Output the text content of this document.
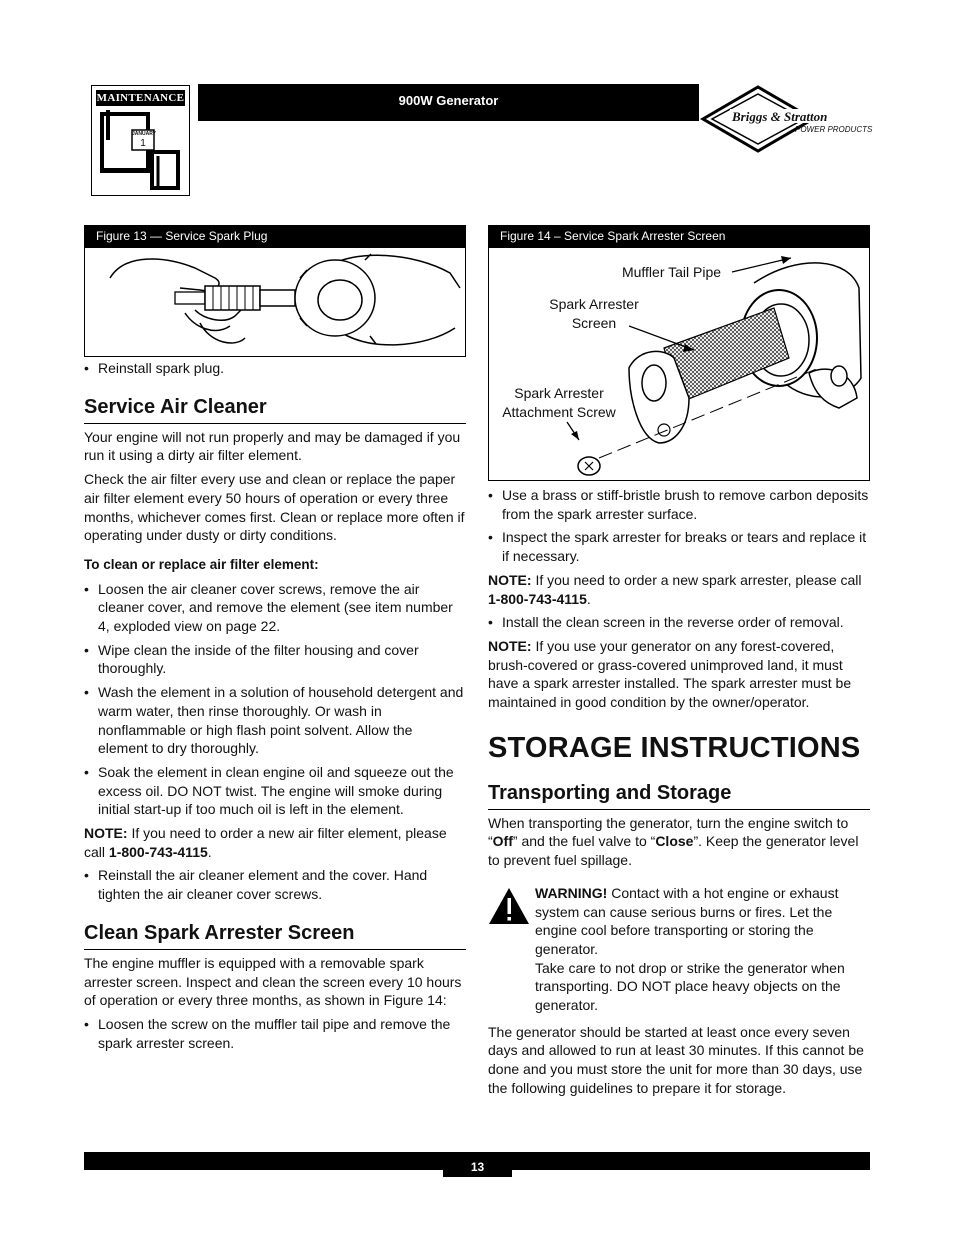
MAINTENANCE
JANUARY
1
900W Generator
Briggs & Stratton
POWER PRODUCTS
Figure 13 — Service Spark Plug	Figure 14 – Service Spark Arrester Screen
Muffler Tail Pipe
Spark Arrester
Screen
Spark Arrester
Attachment Screw

• Reinstall spark plug.

Service Air Cleaner

Your engine will not run properly and may be damaged if you run it using a dirty air filter element.

Check the air filter every use and clean or replace the paper air filter element every 50 hours of operation or every three months, whichever comes first. Clean or replace more often if operating under dusty or dirty conditions.

To clean or replace air filter element:

• Loosen the air cleaner cover screws, remove the air cleaner cover, and remove the element (see item number 4, exploded view on page 22.

• Wipe clean the inside of the filter housing and cover thoroughly.

• Wash the element in a solution of household detergent and warm water, then rinse thoroughly. Or wash in nonflammable or high flash point solvent. Allow the element to dry thoroughly.

• Soak the element in clean engine oil and squeeze out the excess oil. DO NOT twist. The engine will smoke during initial start-up if too much oil is left in the element.

NOTE: If you need to order a new air filter element, please call 1-800-743-4115.

• Reinstall the air cleaner element and the cover. Hand tighten the air cleaner cover screws.

Clean Spark Arrester Screen

The engine muffler is equipped with a removable spark arrester screen. Inspect and clean the screen every 10 hours of operation or every three months, as shown in Figure 14:

• Loosen the screw on the muffler tail pipe and remove the spark arrester screen.

• Use a brass or stiff-bristle brush to remove carbon deposits from the spark arrester surface.

• Inspect the spark arrester for breaks or tears and replace it if necessary.

NOTE: If you need to order a new spark arrester, please call 1-800-743-4115.

• Install the clean screen in the reverse order of removal.

NOTE: If you use your generator on any forest-covered, brush-covered or grass-covered unimproved land, it must have a spark arrester installed. The spark arrester must be maintained in good condition by the owner/operator.

STORAGE INSTRUCTIONS
Transporting and Storage

When transporting the generator, turn the engine switch to “Off” and the fuel valve to “Close”. Keep the generator level to prevent fuel spillage.

WARNING! Contact with a hot engine or exhaust system can cause serious burns or fires. Let the engine cool before transporting or storing the generator.

Take care to not drop or strike the generator when transporting. DO NOT place heavy objects on the generator.

The generator should be started at least once every seven days and allowed to run at least 30 minutes. If this cannot be done and you must store the unit for more than 30 days, use the following guidelines to prepare it for storage.

13
